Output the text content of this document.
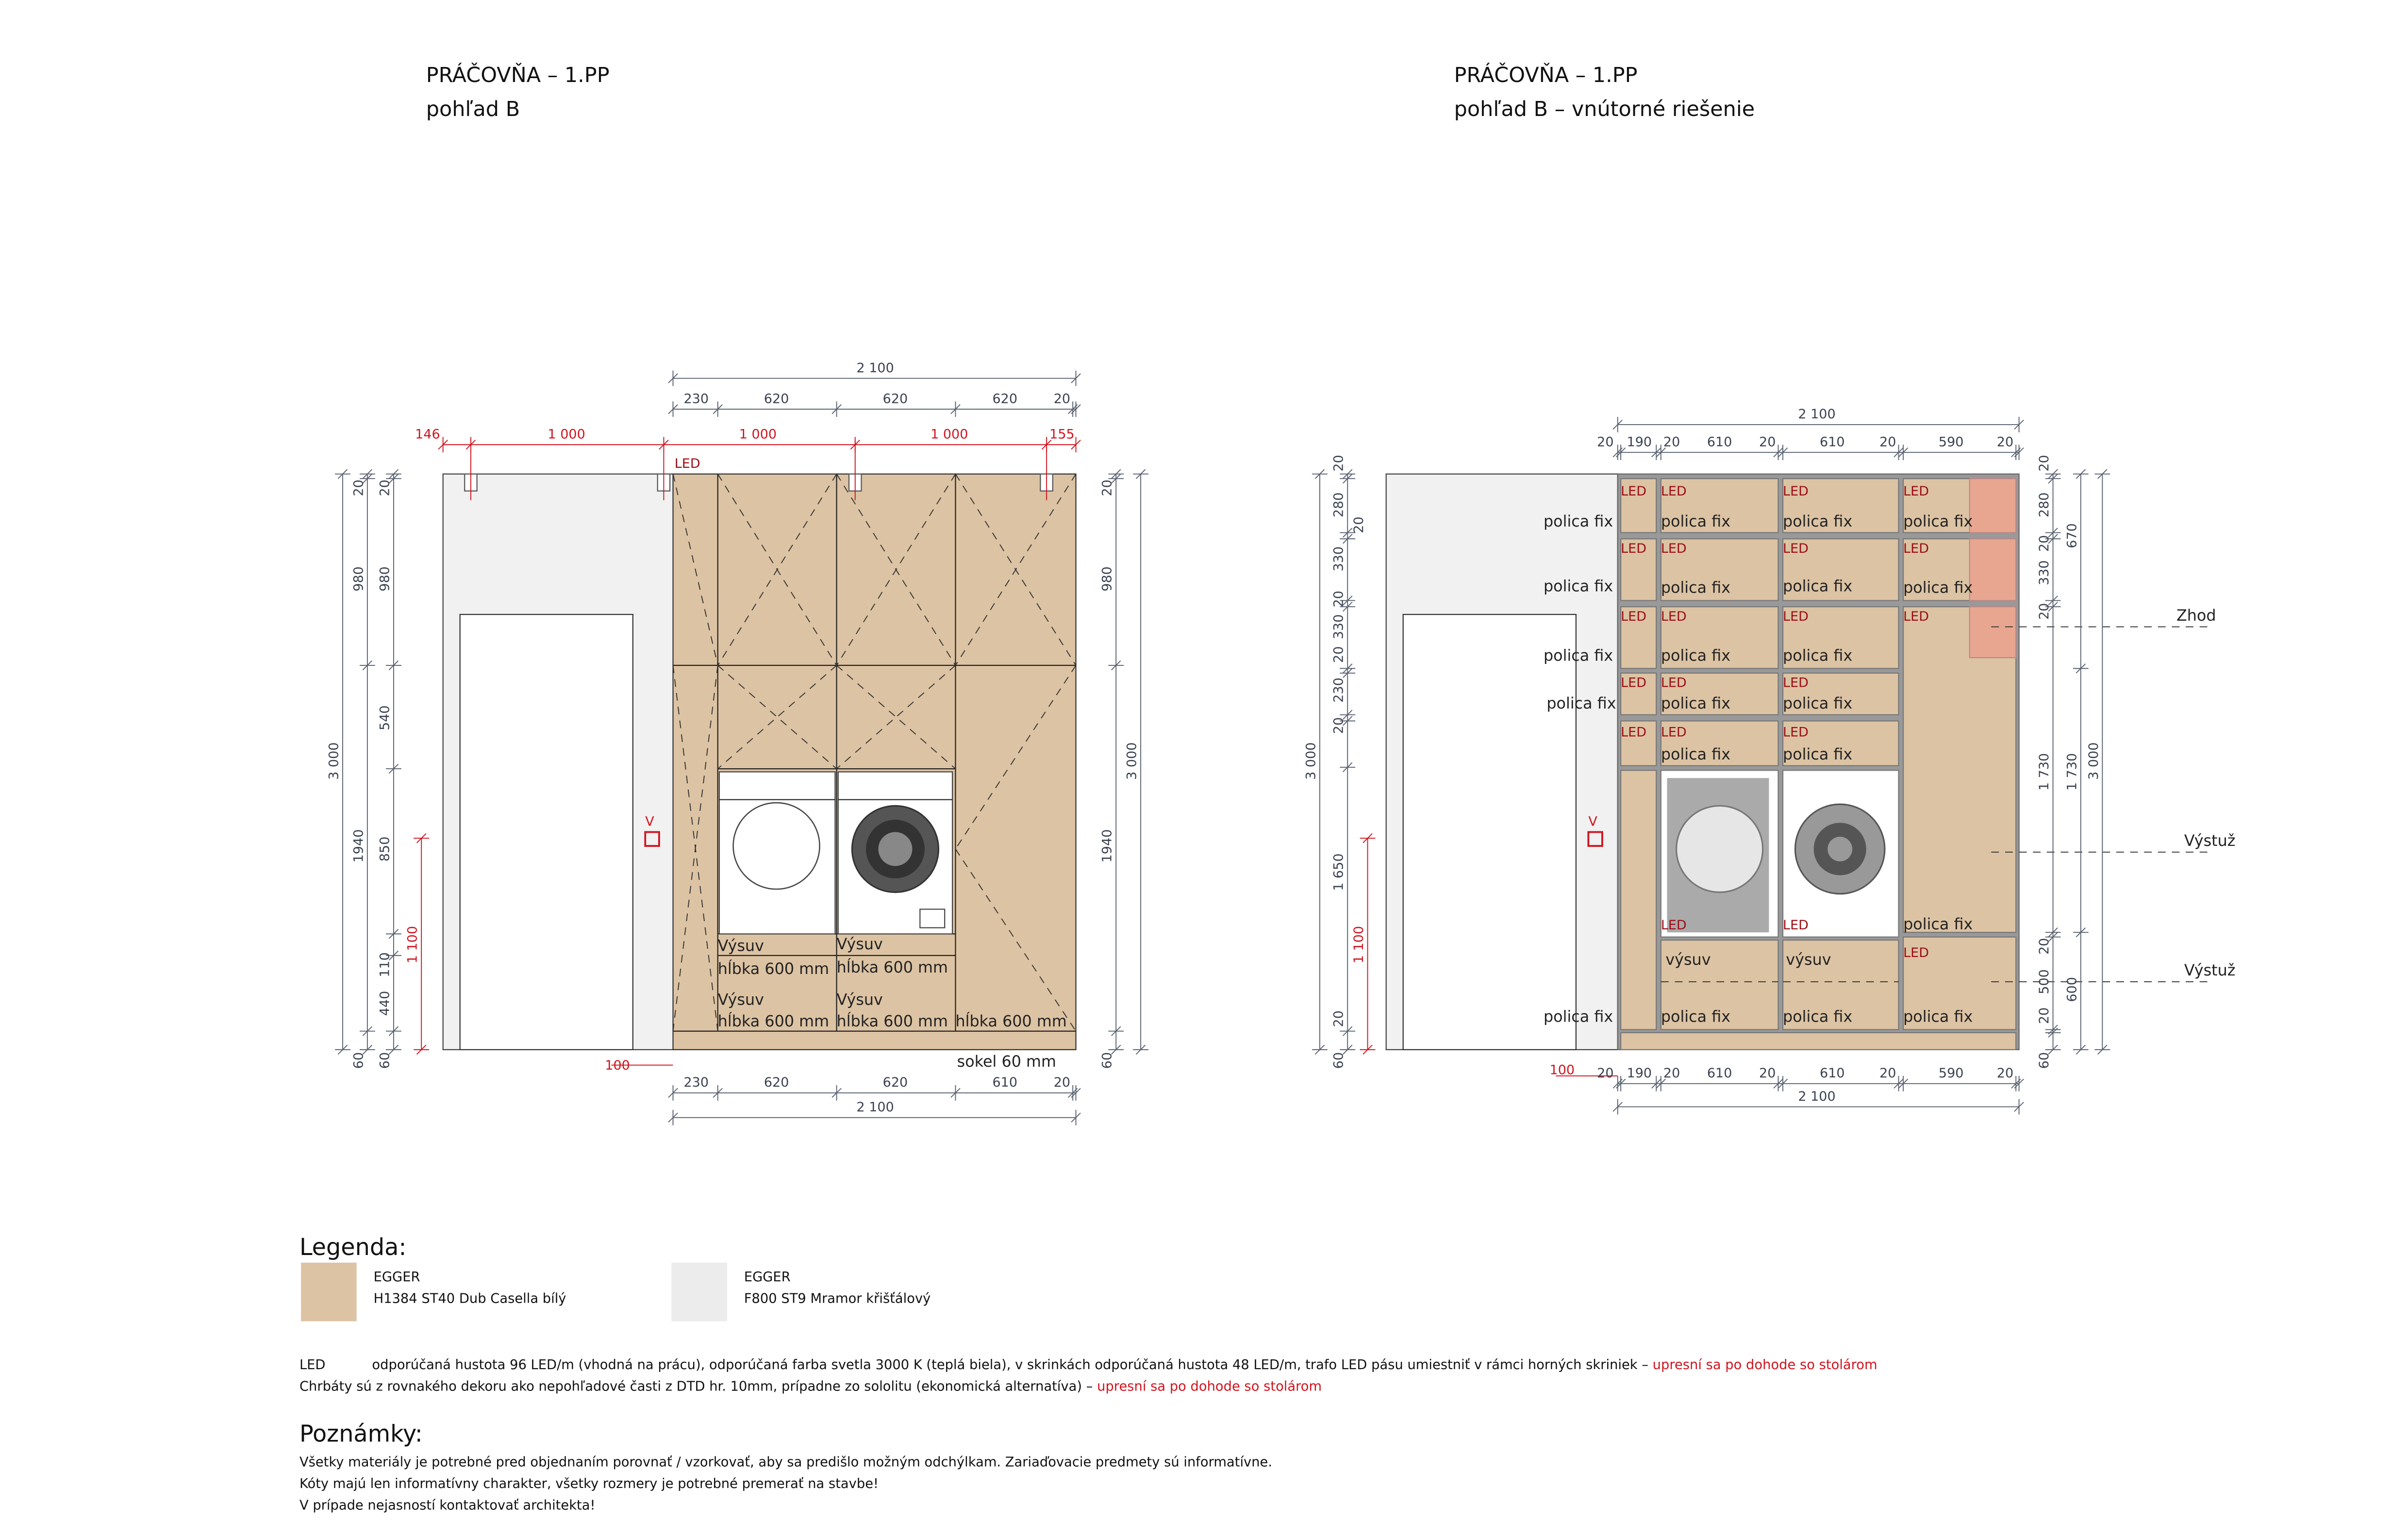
PRÁČOVŇA – 1.PP
pohľad B
V
LED
Výsuv
hĺbka 600 mm
Výsuv
hĺbka 600 mm
Výsuv
hĺbka 600 mm
Výsuv
hĺbka 600 mm hĺbka 600 mm
sokel 60 mm
2 100
230	620	620	620	20
146	1 000	1 000	1 000	155
230	620	620	610	20
2 100
100
3 000
20
980
1940
60
20
980
540
850
110
440
60
1 100
20
980
1940
60
3 000
PRÁČOVŇA – 1.PP
pohľad B – vnútorné riešenie
V
LED	LED	LED	LED
LED	LED	LED	LED
LED	LED	LED	LED
LED	LED	LED
LED	LED	LED
LED	LED
LED
polica fix
polica fix
polica fix
polica fix
polica fix
polica fix
polica fix
polica fix
polica fix
polica fix
polica fix
polica fix
polica fix
polica fix
polica fix
polica fix
polica fix
polica fix
polica fix
polica fix
polica fix
výsuv	výsuv
Zhod
Výstuž
Výstuž
2 100
20	190	20	610	20	610	20	590	20
20	190	20	610	20	610	20	590	20
2 100
100
3 000
20
280
20
330
20
330
20
230
20
1 650
20
60
1 100
20
280
20
330
20
1 730
20
500
20
60
670
1 730
600
3 000
Legenda:
EGGER
H1384 ST40 Dub Casella bílý
EGGER
F800 ST9 Mramor křišťálový
LED	odporúčaná hustota 96 LED/m (vhodná na prácu), odporúčaná farba svetla 3000 K (teplá biela), v skrinkách odporúčaná hustota 48 LED/m, trafo LED pásu umiestniť v rámci horných skriniek – upresní sa po dohode so stolárom
Chrbáty sú z rovnakého dekoru ako nepohľadové časti z DTD hr. 10mm, prípadne zo sololitu (ekonomická alternatíva) – upresní sa po dohode so stolárom
Poznámky:
Všetky materiály je potrebné pred objednaním porovnať / vzorkovať, aby sa predišlo možným odchýlkam. Zariaďovacie predmety sú informatívne.
Kóty majú len informatívny charakter, všetky rozmery je potrebné premerať na stavbe!
V prípade nejasností kontaktovať architekta!
